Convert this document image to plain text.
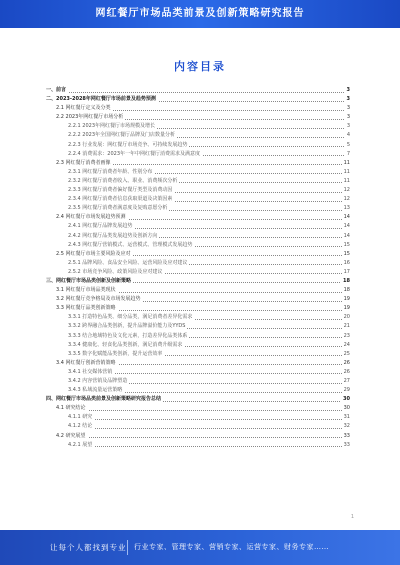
网红餐厅市场品类前景及创新策略研究报告
内容目录
一、前言	3
二、2023-2028年网红餐厅市场前景及趋势预测	3
2.1 网红餐厅定义及分类	3
2.2 2023年网红餐厅市场分析	3
2.2.1 2023年网红餐厅市场规模及增长	3
2.2.2 2023年全国网红餐厅品牌及门店数量分析	4
2.2.3 行业发展：网红餐厅市场竞争、可持续发展趋势	5
2.2.4 消费需求：2023年一年中网红餐厅消费需求及满意度	7
2.3 网红餐厅消费者画像	11
2.3.1 网红餐厅消费者年龄、性别分布	11
2.3.2 网红餐厅消费者收入、职业、消费频次分析	11
2.3.3 网红餐厅消费者偏好餐厅类型及消费动因	12
2.3.4 网红餐厅消费者信息获取渠道及决策因素	12
2.3.5 网红餐厅消费者满意度及复购意愿分析	13
2.4 网红餐厅市场发展趋势预测	14
2.4.1 网红餐厅品牌发展趋势	14
2.4.2 网红餐厅品类发展趋势及创新方向	14
2.4.3 网红餐厅营销模式、运营模式、管理模式发展趋势	15
2.5 网红餐厅市场主要风险及应对	15
2.5.1 品牌风险、食品安全风险、运营风险及应对建议	16
2.5.2 市场竞争风险、政策风险及应对建议	17
三、网红餐厅市场品类创新及创新策略	18
3.1 网红餐厅市场品类现状	18
3.2 网红餐厅竞争格局及市场发展趋势	19
3.3 网红餐厅品类创新策略	19
3.3.1 打造特色品类、细分品类，满足消费者差异化需求	20
3.3.2 跨界融合品类创新，提升品牌溢价能力及YYDS	21
3.3.3 结合地域特色及文化元素，打造差异化品类体系	23
3.3.4 健康化、轻食化品类创新，满足消费升级需求	24
3.3.5 数字化赋能品类创新，提升运营效率	25
3.4 网红餐厅创新营销策略	26
3.4.1 社交媒体营销	26
3.4.2 内容营销及品牌塑造	27
3.4.3 私域流量运营策略	29
四、网红餐厅市场品类前景及创新策略研究报告总结	30
4.1 研究结论	30
4.1.1 研究	31
4.1.2 结论	32
4.2 研究展望	33
4.2.1 展望	33
1
让每个人都找到专业 行业专家、管理专家、营销专家、运营专家、财务专家……
